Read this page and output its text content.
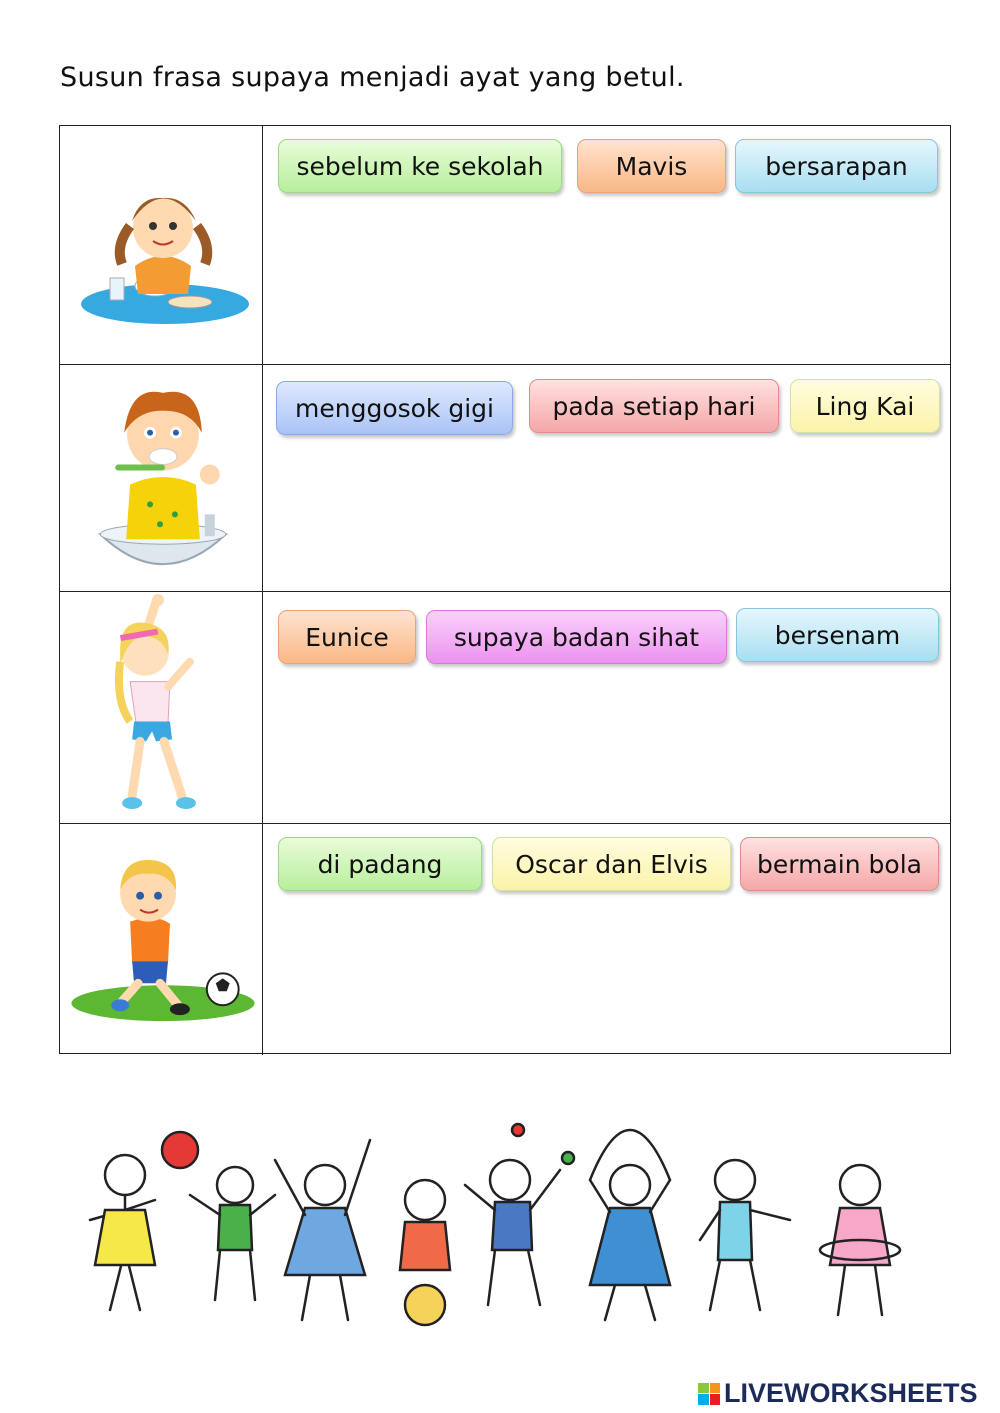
Susun frasa supaya menjadi ayat yang betul.
sebelum ke sekolah	Mavis	bersarapan
menggosok gigi	pada setiap hari	Ling Kai
Eunice	supaya badan sihat	bersenam
di padang	Oscar dan Elvis	bermain bola
LIVEWORKSHEETS
